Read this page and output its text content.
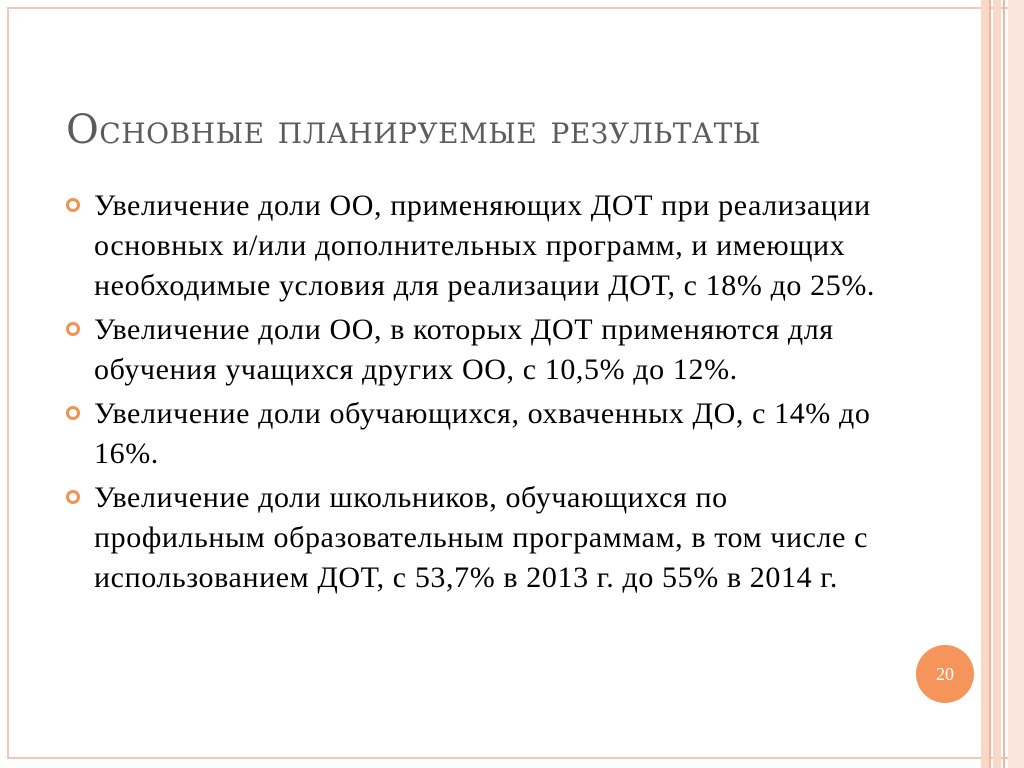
Основные планируемые результаты
Увеличение доли ОО, применяющих ДОТ при реализации основных и/или дополнительных программ, и имеющих необходимые условия для реализации ДОТ, с 18% до 25%.
Увеличение доли ОО, в которых ДОТ применяются для обучения учащихся других ОО, с 10,5% до 12%.
Увеличение доли обучающихся, охваченных ДО, с 14% до 16%.
Увеличение доли школьников, обучающихся по профильным образовательным программам, в том числе с использованием ДОТ, с 53,7% в 2013 г. до 55% в 2014 г.
20
